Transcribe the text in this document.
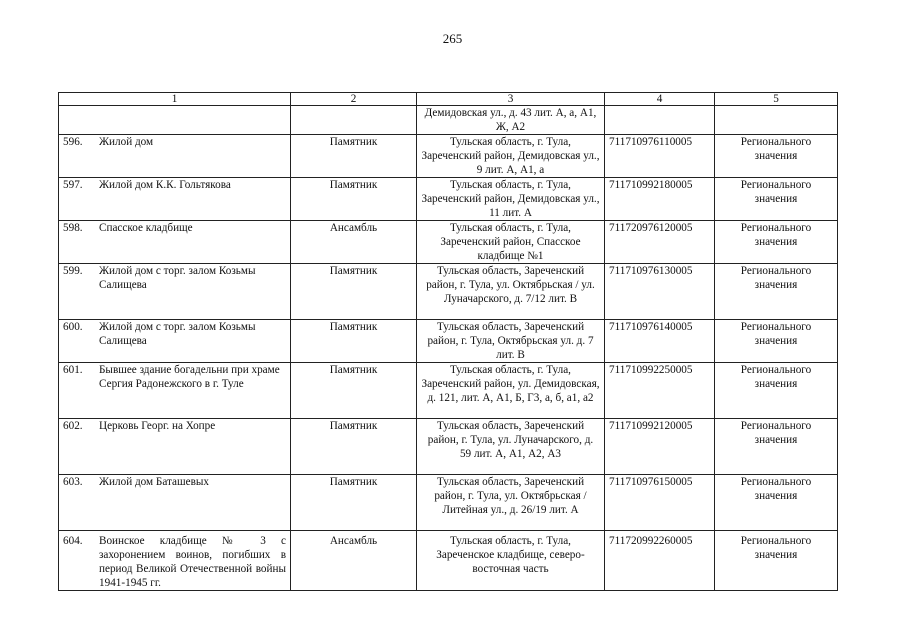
265
1	2	3	4	5
		Демидовская ул., д. 43 лит. А, а, А1, Ж, А2		

596. Жилой дом	Памятник	Тульская область, г. Тула, Зареченский район, Демидовская ул., 9 лит. А, А1, а	711710976110005	Регионального значения

597. Жилой дом К.К. Гольтякова	Памятник	Тульская область, г. Тула, Зареченский район, Демидовская ул., 11 лит. А	711710992180005	Регионального значения

598. Спасское кладбище	Ансамбль	Тульская область, г. Тула, Зареченский район, Спасское кладбище №1	711720976120005	Регионального значения

599. Жилой дом с торг. залом Козьмы Салищева	Памятник	Тульская область, Зареченский район, г. Тула, ул. Октябрьская / ул. Луначарского, д. 7/12 лит. В	711710976130005	Регионального значения

600. Жилой дом с торг. залом Козьмы Салищева	Памятник	Тульская область, Зареченский район, г. Тула, Октябрьская ул. д. 7 лит. В	711710976140005	Регионального значения

601. Бывшее здание богадельни при храме Сергия Радонежского в г. Туле	Памятник	Тульская область, г. Тула, Зареченский район, ул. Демидовская, д. 121, лит. А, А1, Б, Г3, а, б, а1, а2	711710992250005	Регионального значения

602. Церковь Георг. на Хопре	Памятник	Тульская область, Зареченский район, г. Тула, ул. Луначарского, д. 59 лит. А, А1, А2, А3	711710992120005	Регионального значения

603. Жилой дом Баташевых	Памятник	Тульская область, Зареченский район, г. Тула, ул. Октябрьская / Литейная ул., д. 26/19 лит. А	711710976150005	Регионального значения

604. Воинское кладбище № 3 с захоронением воинов, погибших в период Великой Отечественной войны 1941-1945 гг.	Ансамбль	Тульская область, г. Тула, Зареченское кладбище, северо-восточная часть	711720992260005	Регионального значения
